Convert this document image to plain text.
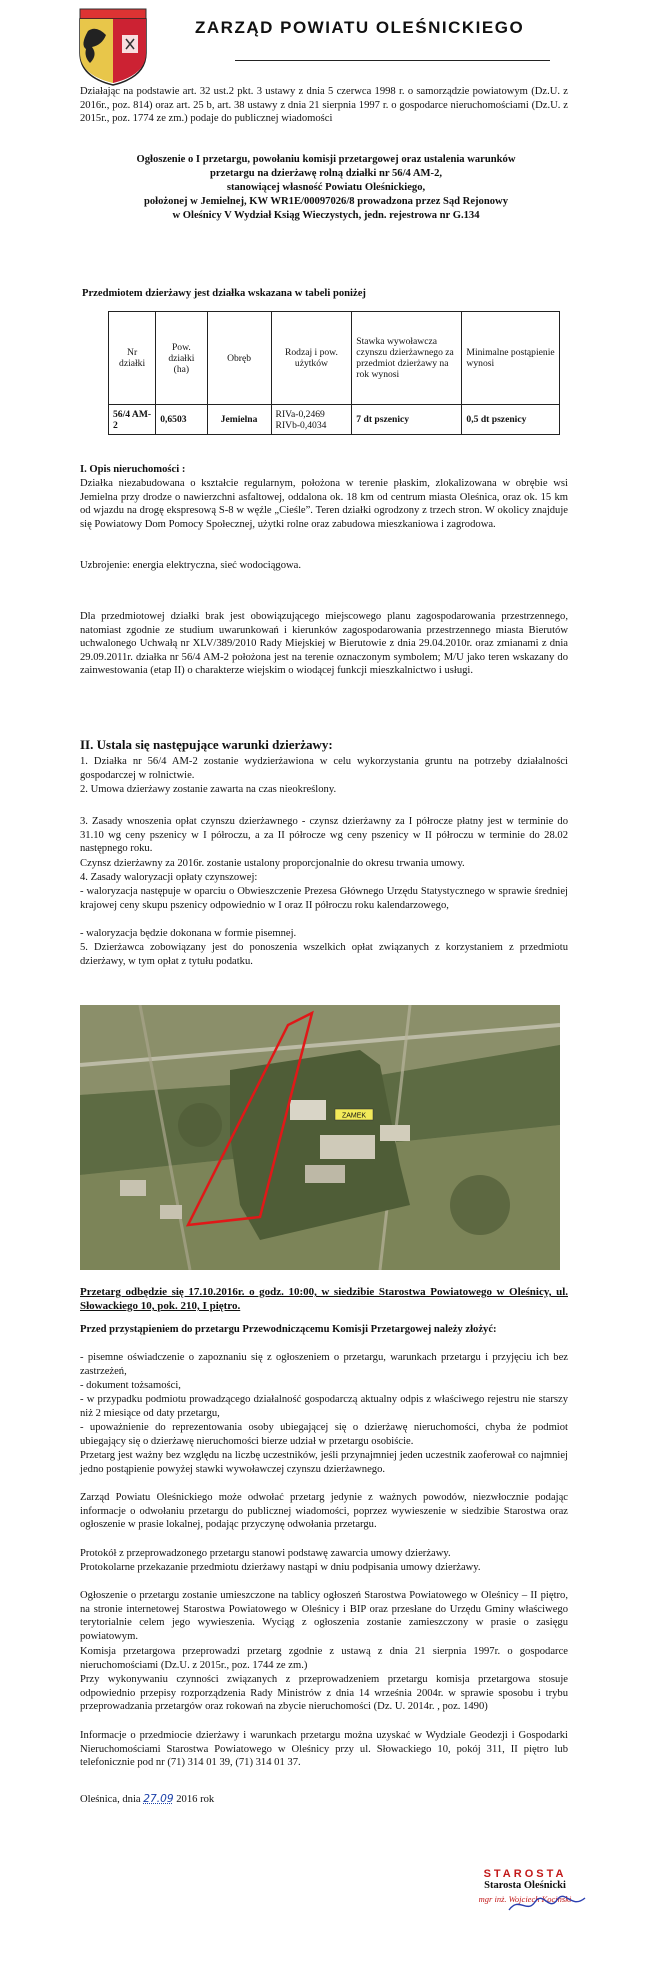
ZARZĄD POWIATU OLEŚNICKIEGO
Działając na podstawie art. 32 ust.2 pkt. 3 ustawy z dnia 5 czerwca 1998 r. o samorządzie powiatowym (Dz.U. z 2016r., poz. 814) oraz art. 25 b, art. 38 ustawy z dnia 21 sierpnia 1997 r. o gospodarce nieruchomościami (Dz.U. z 2015r., poz. 1774 ze zm.) podaje do publicznej wiadomości
Ogłoszenie o I przetargu, powołaniu komisji przetargowej oraz ustalenia warunków
przetargu na dzierżawę rolną działki nr 56/4 AM-2,
stanowiącej własność Powiatu Oleśnickiego,
położonej w Jemielnej, KW WR1E/00097026/8 prowadzona przez Sąd Rejonowy
w Oleśnicy V Wydział Ksiąg Wieczystych, jedn. rejestrowa nr G.134
Przedmiotem dzierżawy jest działka wskazana w tabeli poniżej
Nr działki	Pow. działki (ha)	Obręb	Rodzaj i pow. użytków	Stawka wywoławcza czynszu dzierżawnego za przedmiot dzierżawy na rok wynosi	Minimalne postąpienie wynosi
56/4 AM-2	0,6503	Jemielna	RIVa-0,2469 RIVb-0,4034	7 dt pszenicy	0,5 dt pszenicy
I. Opis nieruchomości :
Działka niezabudowana o kształcie regularnym, położona w terenie płaskim, zlokalizowana w obrębie wsi Jemielna przy drodze o nawierzchni asfaltowej, oddalona ok. 18 km od centrum miasta Oleśnica, oraz ok. 15 km od wjazdu na drogę ekspresową S-8 w węźle „Cieśle”. Teren działki ogrodzony z trzech stron. W okolicy znajduje się Powiatowy Dom Pomocy Społecznej, użytki rolne oraz zabudowa mieszkaniowa i zagrodowa.
Uzbrojenie: energia elektryczna, sieć wodociągowa.
Dla przedmiotowej działki brak jest obowiązującego miejscowego planu zagospodarowania przestrzennego, natomiast zgodnie ze studium uwarunkowań i kierunków zagospodarowania przestrzennego miasta Bierutów uchwalonego Uchwałą nr XLV/389/2010 Rady Miejskiej w Bierutowie z dnia 29.04.2010r. oraz zmianami z dnia 29.09.2011r. działka nr 56/4 AM-2 położona jest na terenie oznaczonym symbolem; M/U jako teren wskazany do zainwestowania (etap II) o charakterze wiejskim o wiodącej funkcji mieszkalnictwo i usługi.
II. Ustala się następujące warunki dzierżawy:
1. Działka nr 56/4 AM-2 zostanie wydzierżawiona w celu wykorzystania gruntu na potrzeby działalności gospodarczej w rolnictwie.
2. Umowa dzierżawy zostanie zawarta na czas nieokreślony.
3. Zasady wnoszenia opłat czynszu dzierżawnego - czynsz dzierżawny za I półrocze płatny jest w terminie do 31.10 wg ceny pszenicy w I półroczu, a za II półrocze wg ceny pszenicy w II półroczu w terminie do 28.02 następnego roku.
Czynsz dzierżawny za 2016r. zostanie ustalony proporcjonalnie do okresu trwania umowy.
4. Zasady waloryzacji opłaty czynszowej:
- waloryzacja następuje w oparciu o Obwieszczenie Prezesa Głównego Urzędu Statystycznego w sprawie średniej krajowej ceny skupu pszenicy odpowiednio w I oraz II półroczu roku kalendarzowego,
- waloryzacja będzie dokonana w formie pisemnej.
5. Dzierżawca zobowiązany jest do ponoszenia wszelkich opłat związanych z korzystaniem z przedmiotu dzierżawy, w tym opłat z tytułu podatku.
ZAMEK
Przetarg odbędzie się 17.10.2016r. o godz. 10:00, w siedzibie Starostwa Powiatowego w Oleśnicy, ul. Słowackiego 10, pok. 210, I piętro.
Przed przystąpieniem do przetargu Przewodniczącemu Komisji Przetargowej należy złożyć:
- pisemne oświadczenie o zapoznaniu się z ogłoszeniem o przetargu, warunkach przetargu i przyjęciu ich bez zastrzeżeń,
- dokument tożsamości,
- w przypadku podmiotu prowadzącego działalność gospodarczą aktualny odpis z właściwego rejestru nie starszy niż 2 miesiące od daty przetargu,
- upoważnienie do reprezentowania osoby ubiegającej się o dzierżawę nieruchomości, chyba że podmiot ubiegający się o dzierżawę nieruchomości bierze udział w przetargu osobiście.
Przetarg jest ważny bez względu na liczbę uczestników, jeśli przynajmniej jeden uczestnik zaoferował co najmniej jedno postąpienie powyżej stawki wywoławczej czynszu dzierżawnego.
Zarząd Powiatu Oleśnickiego może odwołać przetarg jedynie z ważnych powodów, niezwłocznie podając informacje o odwołaniu przetargu do publicznej wiadomości, poprzez wywieszenie w siedzibie Starostwa oraz ogłoszenie w prasie lokalnej, podając przyczynę odwołania przetargu.
Protokół z przeprowadzonego przetargu stanowi podstawę zawarcia umowy dzierżawy.
Protokolarne przekazanie przedmiotu dzierżawy nastąpi w dniu podpisania umowy dzierżawy.
Ogłoszenie o przetargu zostanie umieszczone na tablicy ogłoszeń Starostwa Powiatowego w Oleśnicy – II piętro, na stronie internetowej Starostwa Powiatowego w Oleśnicy i BIP oraz przesłane do Urzędu Gminy właściwego terytorialnie celem jego wywieszenia. Wyciąg z ogłoszenia zostanie zamieszczony w prasie o zasięgu powiatowym.
Komisja przetargowa przeprowadzi przetarg zgodnie z ustawą z dnia 21 sierpnia 1997r. o gospodarce nieruchomościami (Dz.U. z 2015r., poz. 1744 ze zm.)
Przy wykonywaniu czynności związanych z przeprowadzeniem przetargu komisja przetargowa stosuje odpowiednio przepisy rozporządzenia Rady Ministrów z dnia 14 września 2004r. w sprawie sposobu i trybu przeprowadzania przetargów oraz rokowań na zbycie nieruchomości (Dz. U. 2014r. , poz. 1490)
Informacje o przedmiocie dzierżawy i warunkach przetargu można uzyskać w Wydziale Geodezji i Gospodarki Nieruchomościami Starostwa Powiatowego w Oleśnicy przy ul. Słowackiego 10, pokój 311, II piętro lub telefonicznie pod nr (71) 314 01 39, (71) 314 01 37.
Oleśnica, dnia 27.09 2016 rok
STAROSTA
Starosta Oleśnicki
mgr inż. Wojciech Kociński
